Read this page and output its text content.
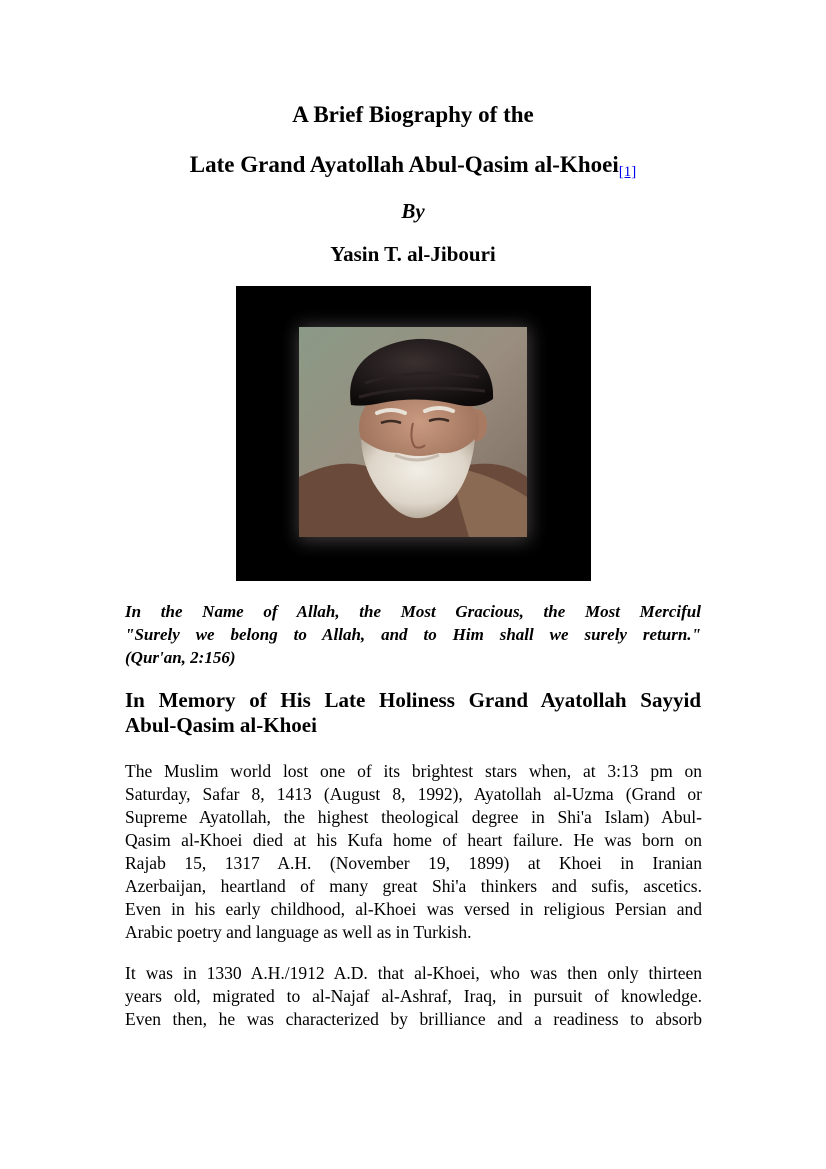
A Brief Biography of the
Late Grand Ayatollah Abul-Qasim al-Khoei[1]
By
Yasin T. al-Jibouri
In the Name of Allah, the Most Gracious, the Most Merciful
"Surely we belong to Allah, and to Him shall we surely return."
(Qur'an, 2:156)
In Memory of His Late Holiness Grand Ayatollah Sayyid
Abul-Qasim al-Khoei
The Muslim world lost one of its brightest stars when, at 3:13 pm on
Saturday, Safar 8, 1413 (August 8, 1992), Ayatollah al-Uzma (Grand or
Supreme Ayatollah, the highest theological degree in Shi'a Islam) Abul-
Qasim al-Khoei died at his Kufa home of heart failure. He was born on
Rajab 15, 1317 A.H. (November 19, 1899) at Khoei in Iranian
Azerbaijan, heartland of many great Shi'a thinkers and sufis, ascetics.
Even in his early childhood, al-Khoei was versed in religious Persian and
Arabic poetry and language as well as in Turkish.
It was in 1330 A.H./1912 A.D. that al-Khoei, who was then only thirteen
years old, migrated to al-Najaf al-Ashraf, Iraq, in pursuit of knowledge.
Even then, he was characterized by brilliance and a readiness to absorb
